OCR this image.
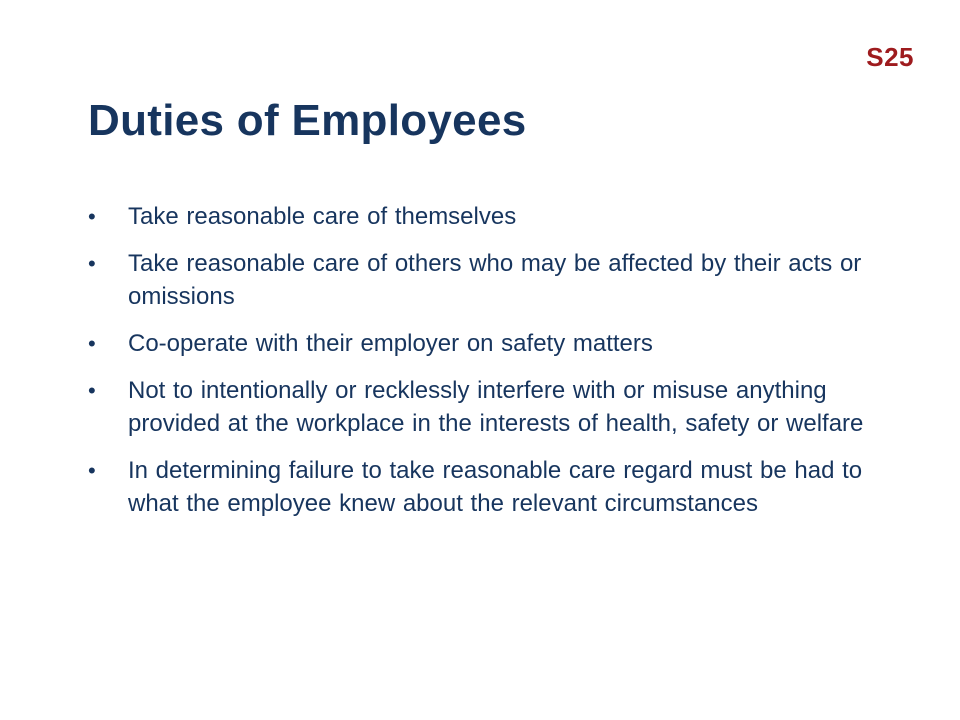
S25
Duties of Employees
•	Take reasonable care of themselves
•	Take reasonable care of others who may be affected by their acts or omissions
•	Co-operate with their employer on safety matters
•	Not to intentionally or recklessly interfere with or misuse anything provided at the workplace in the interests of health, safety or welfare
•	In determining failure to take reasonable care regard must be had to what the employee knew about the relevant circumstances
